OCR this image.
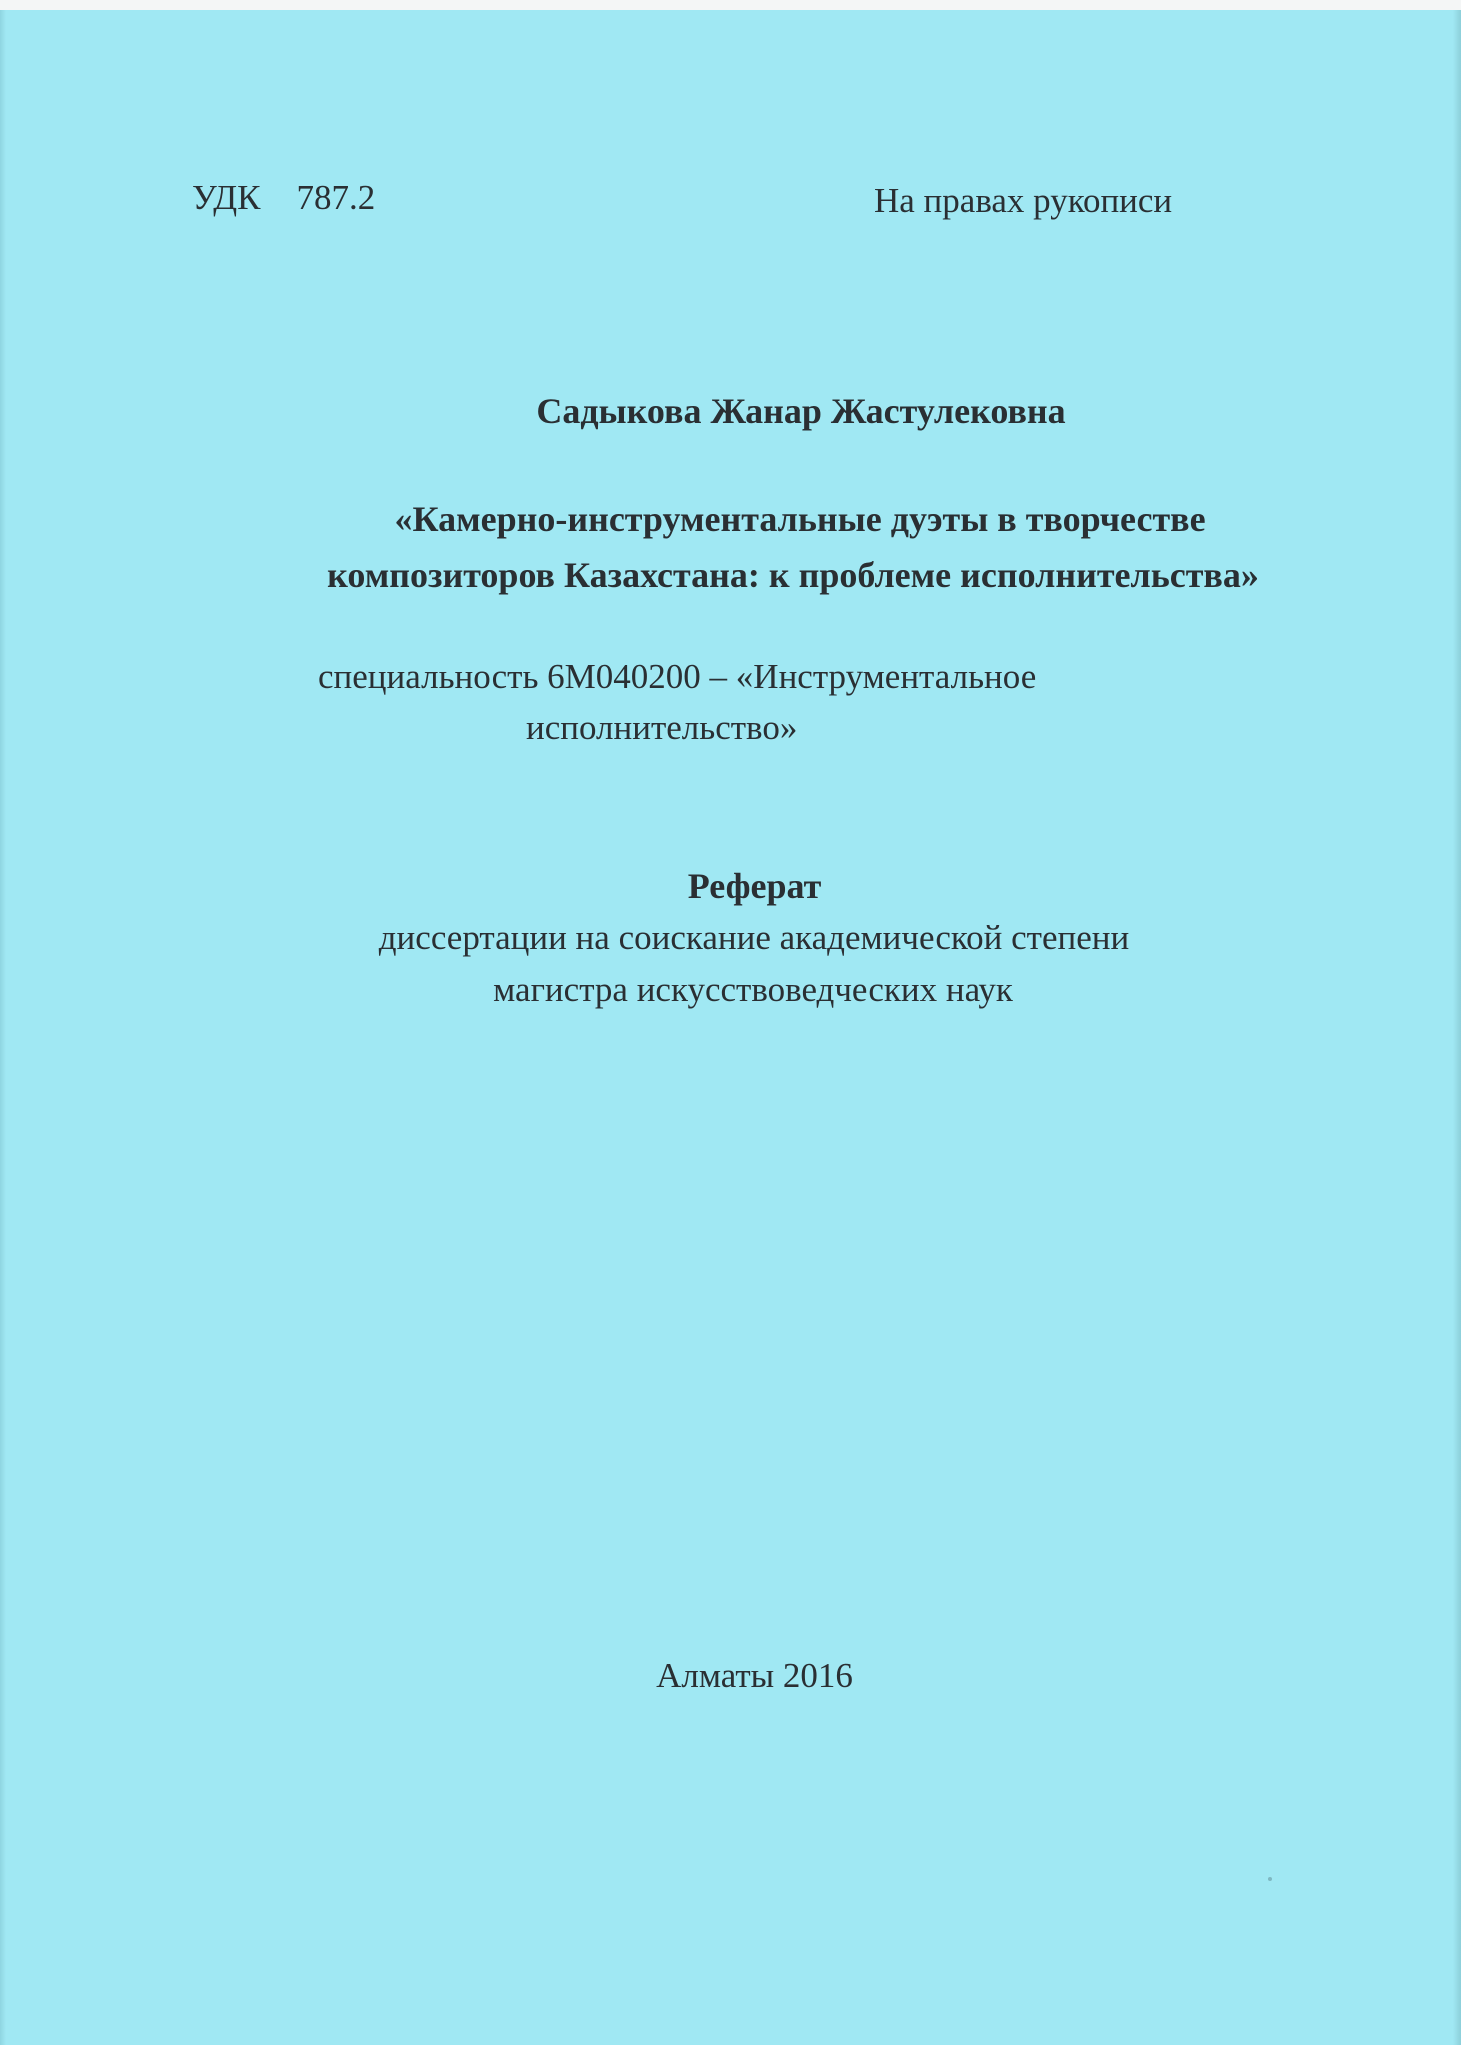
УДК 787.2	На правах рукописи
Садыкова Жанар Жастулековна
«Камерно-инструментальные дуэты в творчестве
композиторов Казахстана: к проблеме исполнительства»
специальность 6М040200 – «Инструментальное
исполнительство»
Реферат
диссертации на соискание академической степени
магистра искусствоведческих наук
Алматы 2016
